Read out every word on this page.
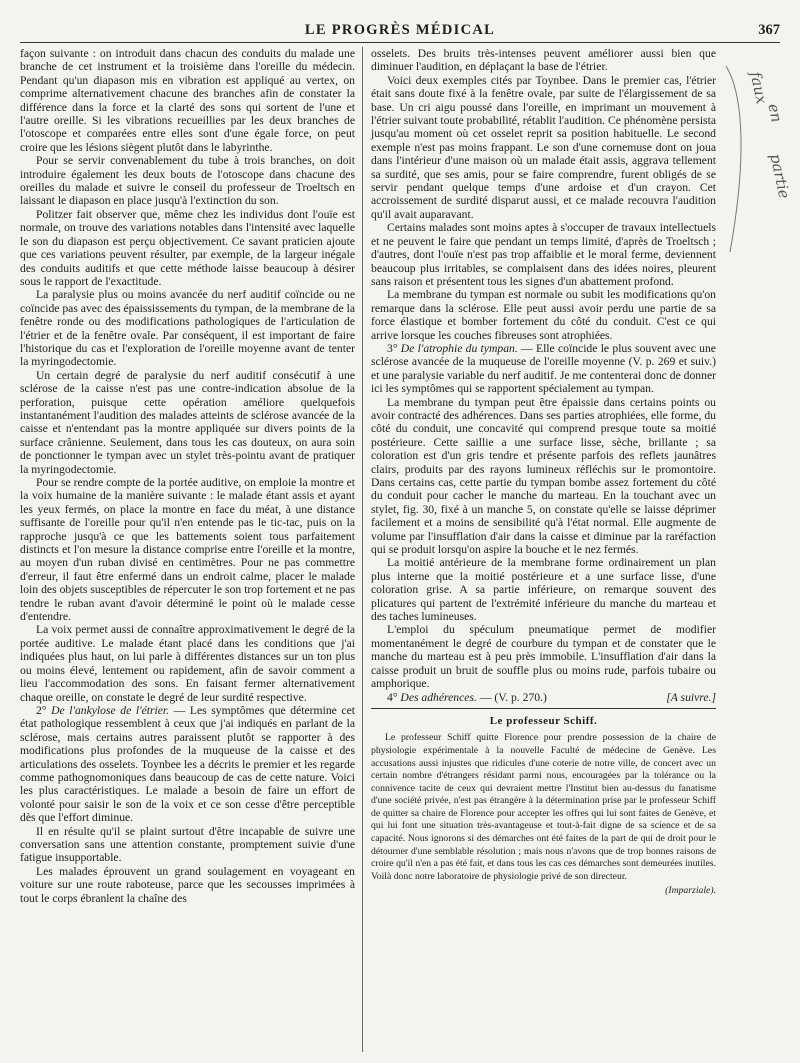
LE PROGRÈS MÉDICAL	367

façon suivante : on introduit dans chacun des conduits du malade une branche de cet instrument et la troisième dans l'oreille du médecin. Pendant qu'un diapason mis en vibration est appliqué au vertex, on comprime alternativement chacune des branches afin de constater la différence dans la force et la clarté des sons qui sortent de l'une et l'autre oreille. Si les vibrations recueillies par les deux branches de l'otoscope et comparées entre elles sont d'une égale force, on peut croire que les lésions siègent plutôt dans le labyrinthe.

Pour se servir convenablement du tube à trois branches, on doit introduire également les deux bouts de l'otoscope dans chacune des oreilles du malade et suivre le conseil du professeur de Troeltsch en laissant le diapason en place jusqu'à l'extinction du son.

Politzer fait observer que, même chez les individus dont l'ouïe est normale, on trouve des variations notables dans l'intensité avec laquelle le son du diapason est perçu objectivement. Ce savant praticien ajoute que ces variations peuvent résulter, par exemple, de la largeur inégale des conduits auditifs et que cette méthode laisse beaucoup à désirer sous le rapport de l'exactitude.

La paralysie plus ou moins avancée du nerf auditif coïncide ou ne coïncide pas avec des épaississements du tympan, de la membrane de la fenêtre ronde ou des modifications pathologiques de l'articulation de l'étrier et de la fenêtre ovale. Par conséquent, il est important de faire l'historique du cas et l'exploration de l'oreille moyenne avant de tenter la myringodectomie.

Un certain degré de paralysie du nerf auditif consécutif à une sclérose de la caisse n'est pas une contre-indication absolue de la perforation, puisque cette opération améliore quelquefois instantanément l'audition des malades atteints de sclérose avancée de la caisse et n'entendant pas la montre appliquée sur divers points de la surface crânienne. Seulement, dans tous les cas douteux, on aura soin de ponctionner le tympan avec un stylet très-pointu avant de pratiquer la myringodectomie.

Pour se rendre compte de la portée auditive, on emploie la montre et la voix humaine de la manière suivante : le malade étant assis et ayant les yeux fermés, on place la montre en face du méat, à une distance suffisante de l'oreille pour qu'il n'en entende pas le tic-tac, puis on la rapproche jusqu'à ce que les battements soient tous parfaitement distincts et l'on mesure la distance comprise entre l'oreille et la montre, au moyen d'un ruban divisé en centimètres. Pour ne pas commettre d'erreur, il faut être enfermé dans un endroit calme, placer le malade loin des objets susceptibles de répercuter le son trop fortement et ne pas tendre le ruban avant d'avoir déterminé le point où le malade cesse d'entendre.

La voix permet aussi de connaître approximativement le degré de la portée auditive. Le malade étant placé dans les conditions que j'ai indiquées plus haut, on lui parle à différentes distances sur un ton plus ou moins élevé, lentement ou rapidement, afin de savoir comment a lieu l'accommodation des sons. En faisant fermer alternativement chaque oreille, on constate le degré de leur surdité respective.

2° De l'ankylose de l'étrier. — Les symptômes que détermine cet état pathologique ressemblent à ceux que j'ai indiqués en parlant de la sclérose, mais certains autres paraissent plutôt se rapporter à des modifications plus profondes de la muqueuse de la caisse et des articulations des osselets. Toynbee les a décrits le premier et les regarde comme pathognomoniques dans beaucoup de cas de cette nature. Voici les plus caractéristiques. Le malade a besoin de faire un effort de volonté pour saisir le son de la voix et ce son cesse d'être perceptible dès que l'effort diminue.

Il en résulte qu'il se plaint surtout d'être incapable de suivre une conversation sans une attention constante, promptement suivie d'une fatigue insupportable.

Les malades éprouvent un grand soulagement en voyageant en voiture sur une route raboteuse, parce que les secousses imprimées à tout le corps ébranlent la chaîne des

osselets. Des bruits très-intenses peuvent améliorer aussi bien que diminuer l'audition, en déplaçant la base de l'étrier.

Voici deux exemples cités par Toynbee. Dans le premier cas, l'étrier était sans doute fixé à la fenêtre ovale, par suite de l'élargissement de sa base. Un cri aigu poussé dans l'oreille, en imprimant un mouvement à l'étrier suivant toute probabilité, rétablit l'audition. Ce phénomène persista jusqu'au moment où cet osselet reprit sa position habituelle. Le second exemple n'est pas moins frappant. Le son d'une cornemuse dont on joua dans l'intérieur d'une maison où un malade était assis, aggrava tellement sa surdité, que ses amis, pour se faire comprendre, furent obligés de se servir pendant quelque temps d'une ardoise et d'un crayon. Cet accroissement de surdité disparut aussi, et ce malade recouvra l'audition qu'il avait auparavant.

Certains malades sont moins aptes à s'occuper de travaux intellectuels et ne peuvent le faire que pendant un temps limité, d'après de Troeltsch ; d'autres, dont l'ouïe n'est pas trop affaiblie et le moral ferme, deviennent beaucoup plus irritables, se complaisent dans des idées noires, pleurent sans raison et présentent tous les signes d'un abattement profond.

La membrane du tympan est normale ou subit les modifications qu'on remarque dans la sclérose. Elle peut aussi avoir perdu une partie de sa force élastique et bomber fortement du côté du conduit. C'est ce qui arrive lorsque les couches fibreuses sont atrophiées.

3° De l'atrophie du tympan. — Elle coïncide le plus souvent avec une sclérose avancée de la muqueuse de l'oreille moyenne (V. p. 269 et suiv.) et une paralysie variable du nerf auditif. Je me contenterai donc de donner ici les symptômes qui se rapportent spécialement au tympan.

La membrane du tympan peut être épaissie dans certains points ou avoir contracté des adhérences. Dans ses parties atrophiées, elle forme, du côté du conduit, une concavité qui comprend presque toute sa moitié postérieure. Cette saillie a une surface lisse, sèche, brillante ; sa coloration est d'un gris tendre et présente parfois des reflets jaunâtres clairs, produits par des rayons lumineux réfléchis sur le promontoire. Dans certains cas, cette partie du tympan bombe assez fortement du côté du conduit pour cacher le manche du marteau. En la touchant avec un stylet, fig. 30, fixé à un manche 5, on constate qu'elle se laisse déprimer facilement et a moins de sensibilité qu'à l'état normal. Elle augmente de volume par l'insufflation d'air dans la caisse et diminue par la raréfaction qui se produit lorsqu'on aspire la bouche et le nez fermés.

La moitié antérieure de la membrane forme ordinairement un plan plus interne que la moitié postérieure et a une surface lisse, d'une coloration grise. A sa partie inférieure, on remarque souvent des plicatures qui partent de l'extrémité inférieure du manche du marteau et des taches lumineuses.

L'emploi du spéculum pneumatique permet de modifier momentanément le degré de courbure du tympan et de constater que le manche du marteau est à peu près immobile. L'insufflation d'air dans la caisse produit un bruit de souffle plus ou moins rude, parfois tubaire ou amphorique.

4° Des adhérences. — (V. p. 270.)	[A suivre.]

Le professeur Schiff.

Le professeur Schiff quitte Florence pour prendre possession de la chaire de physiologie expérimentale à la nouvelle Faculté de médecine de Genève. Les accusations aussi injustes que ridicules d'une coterie de notre ville, de concert avec un certain nombre d'étrangers résidant parmi nous, encouragées par la tolérance ou la connivence tacite de ceux qui devraient mettre l'Institut bien au-dessus du fanatisme d'une société privée, n'est pas étrangère à la détermination prise par le professeur Schiff de quitter sa chaire de Florence pour accepter les offres qui lui sont faites de Genève, et qui lui font une situation très-avantageuse et tout-à-fait digne de sa science et de sa capacité. Nous ignorons si des démarches ont été faites de la part de qui de droit pour le détourner d'une semblable résolution ; mais nous n'avons que de trop bonnes raisons de croire qu'il n'en a pas été fait, et dans tous les cas ces démarches sont demeurées inutiles. Voilà donc notre laboratoire de physiologie privé de son directeur.

(Imparziale).
faux
en
partie
